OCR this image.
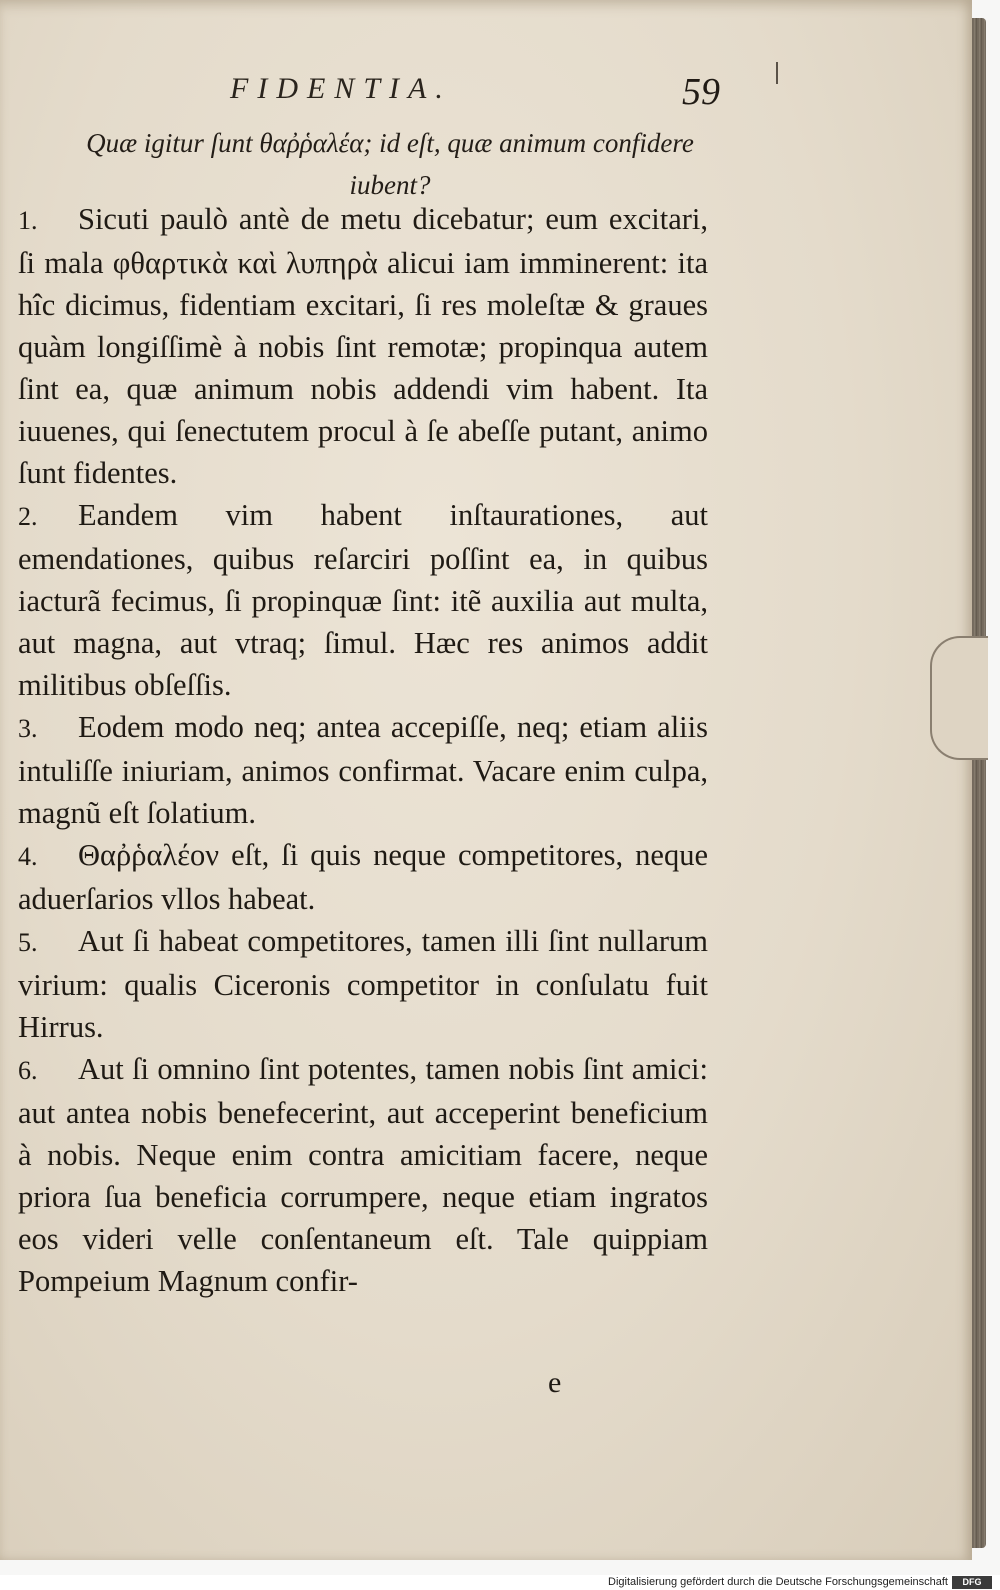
FIDENTIA.	59
Quæ igitur ſunt θαῤῥαλέα; id eſt, quæ animum confidere iubent?

1. Sicuti paulò antè de metu dicebatur; eum excitari, ſi mala φθαρτικὰ καὶ λυπηρὰ alicui iam imminerent: ita hîc dicimus, fidentiam excitari, ſi res moleſtæ & graues quàm longiſſimè à nobis ſint remotæ; propinqua autem ſint ea, quæ animum nobis addendi vim habent. Ita iuuenes, qui ſenectutem procul à ſe abeſſe putant, animo ſunt fidentes.

2. Eandem vim habent inſtaurationes, aut emendationes, quibus reſarciri poſſint ea, in quibus iacturã fecimus, ſi propinquæ ſint: itẽ auxilia aut multa, aut magna, aut vtraq; ſimul. Hæc res animos addit militibus obſeſſis.

3. Eodem modo neq; antea accepiſſe, neq; etiam aliis intuliſſe iniuriam, animos confirmat. Vacare enim culpa, magnũ eſt ſolatium.

4. Θαῤῥαλέον eſt, ſi quis neque competitores, neque aduerſarios vllos habeat.

5. Aut ſi habeat competitores, tamen illi ſint nullarum virium: qualis Ciceronis competitor in conſulatu fuit Hirrus.

6. Aut ſi omnino ſint potentes, tamen nobis ſint amici: aut antea nobis benefecerint, aut acceperint beneficium à nobis. Neque enim contra amicitiam facere, neque priora ſua beneficia corrumpere, neque etiam ingratos eos videri velle conſentaneum eſt. Tale quippiam Pompeium Magnum confir-

e
Digitalisierung gefördert durch die Deutsche Forschungsgemeinschaft	DFG
